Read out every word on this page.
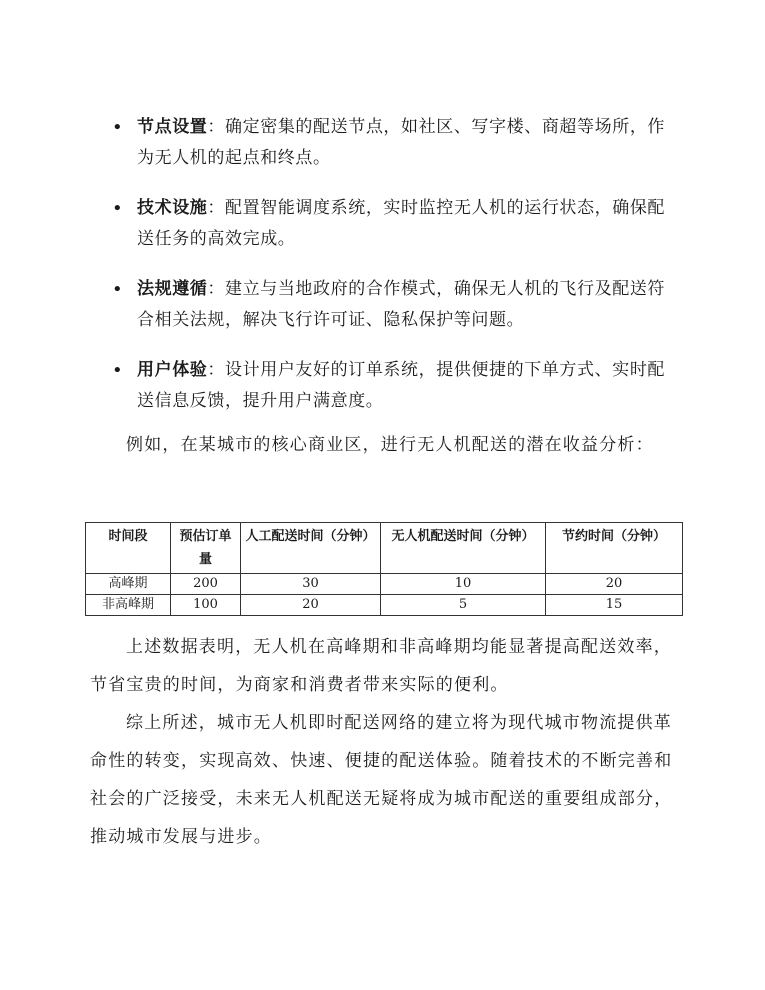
• 节点设置：确定密集的配送节点，如社区、写字楼、商超等场所，作为无人机的起点和终点。
• 技术设施：配置智能调度系统，实时监控无人机的运行状态，确保配送任务的高效完成。
• 法规遵循：建立与当地政府的合作模式，确保无人机的飞行及配送符合相关法规，解决飞行许可证、隐私保护等问题。
• 用户体验：设计用户友好的订单系统，提供便捷的下单方式、实时配送信息反馈，提升用户满意度。

例如，在某城市的核心商业区，进行无人机配送的潜在收益分析：

时间段	预估订单量	人工配送时间（分钟）	无人机配送时间（分钟）	节约时间（分钟）
高峰期	200	30	10	20
非高峰期	100	20	5	15

上述数据表明，无人机在高峰期和非高峰期均能显著提高配送效率，节省宝贵的时间，为商家和消费者带来实际的便利。

综上所述，城市无人机即时配送网络的建立将为现代城市物流提供革命性的转变，实现高效、快速、便捷的配送体验。随着技术的不断完善和社会的广泛接受，未来无人机配送无疑将成为城市配送的重要组成部分，推动城市发展与进步。
